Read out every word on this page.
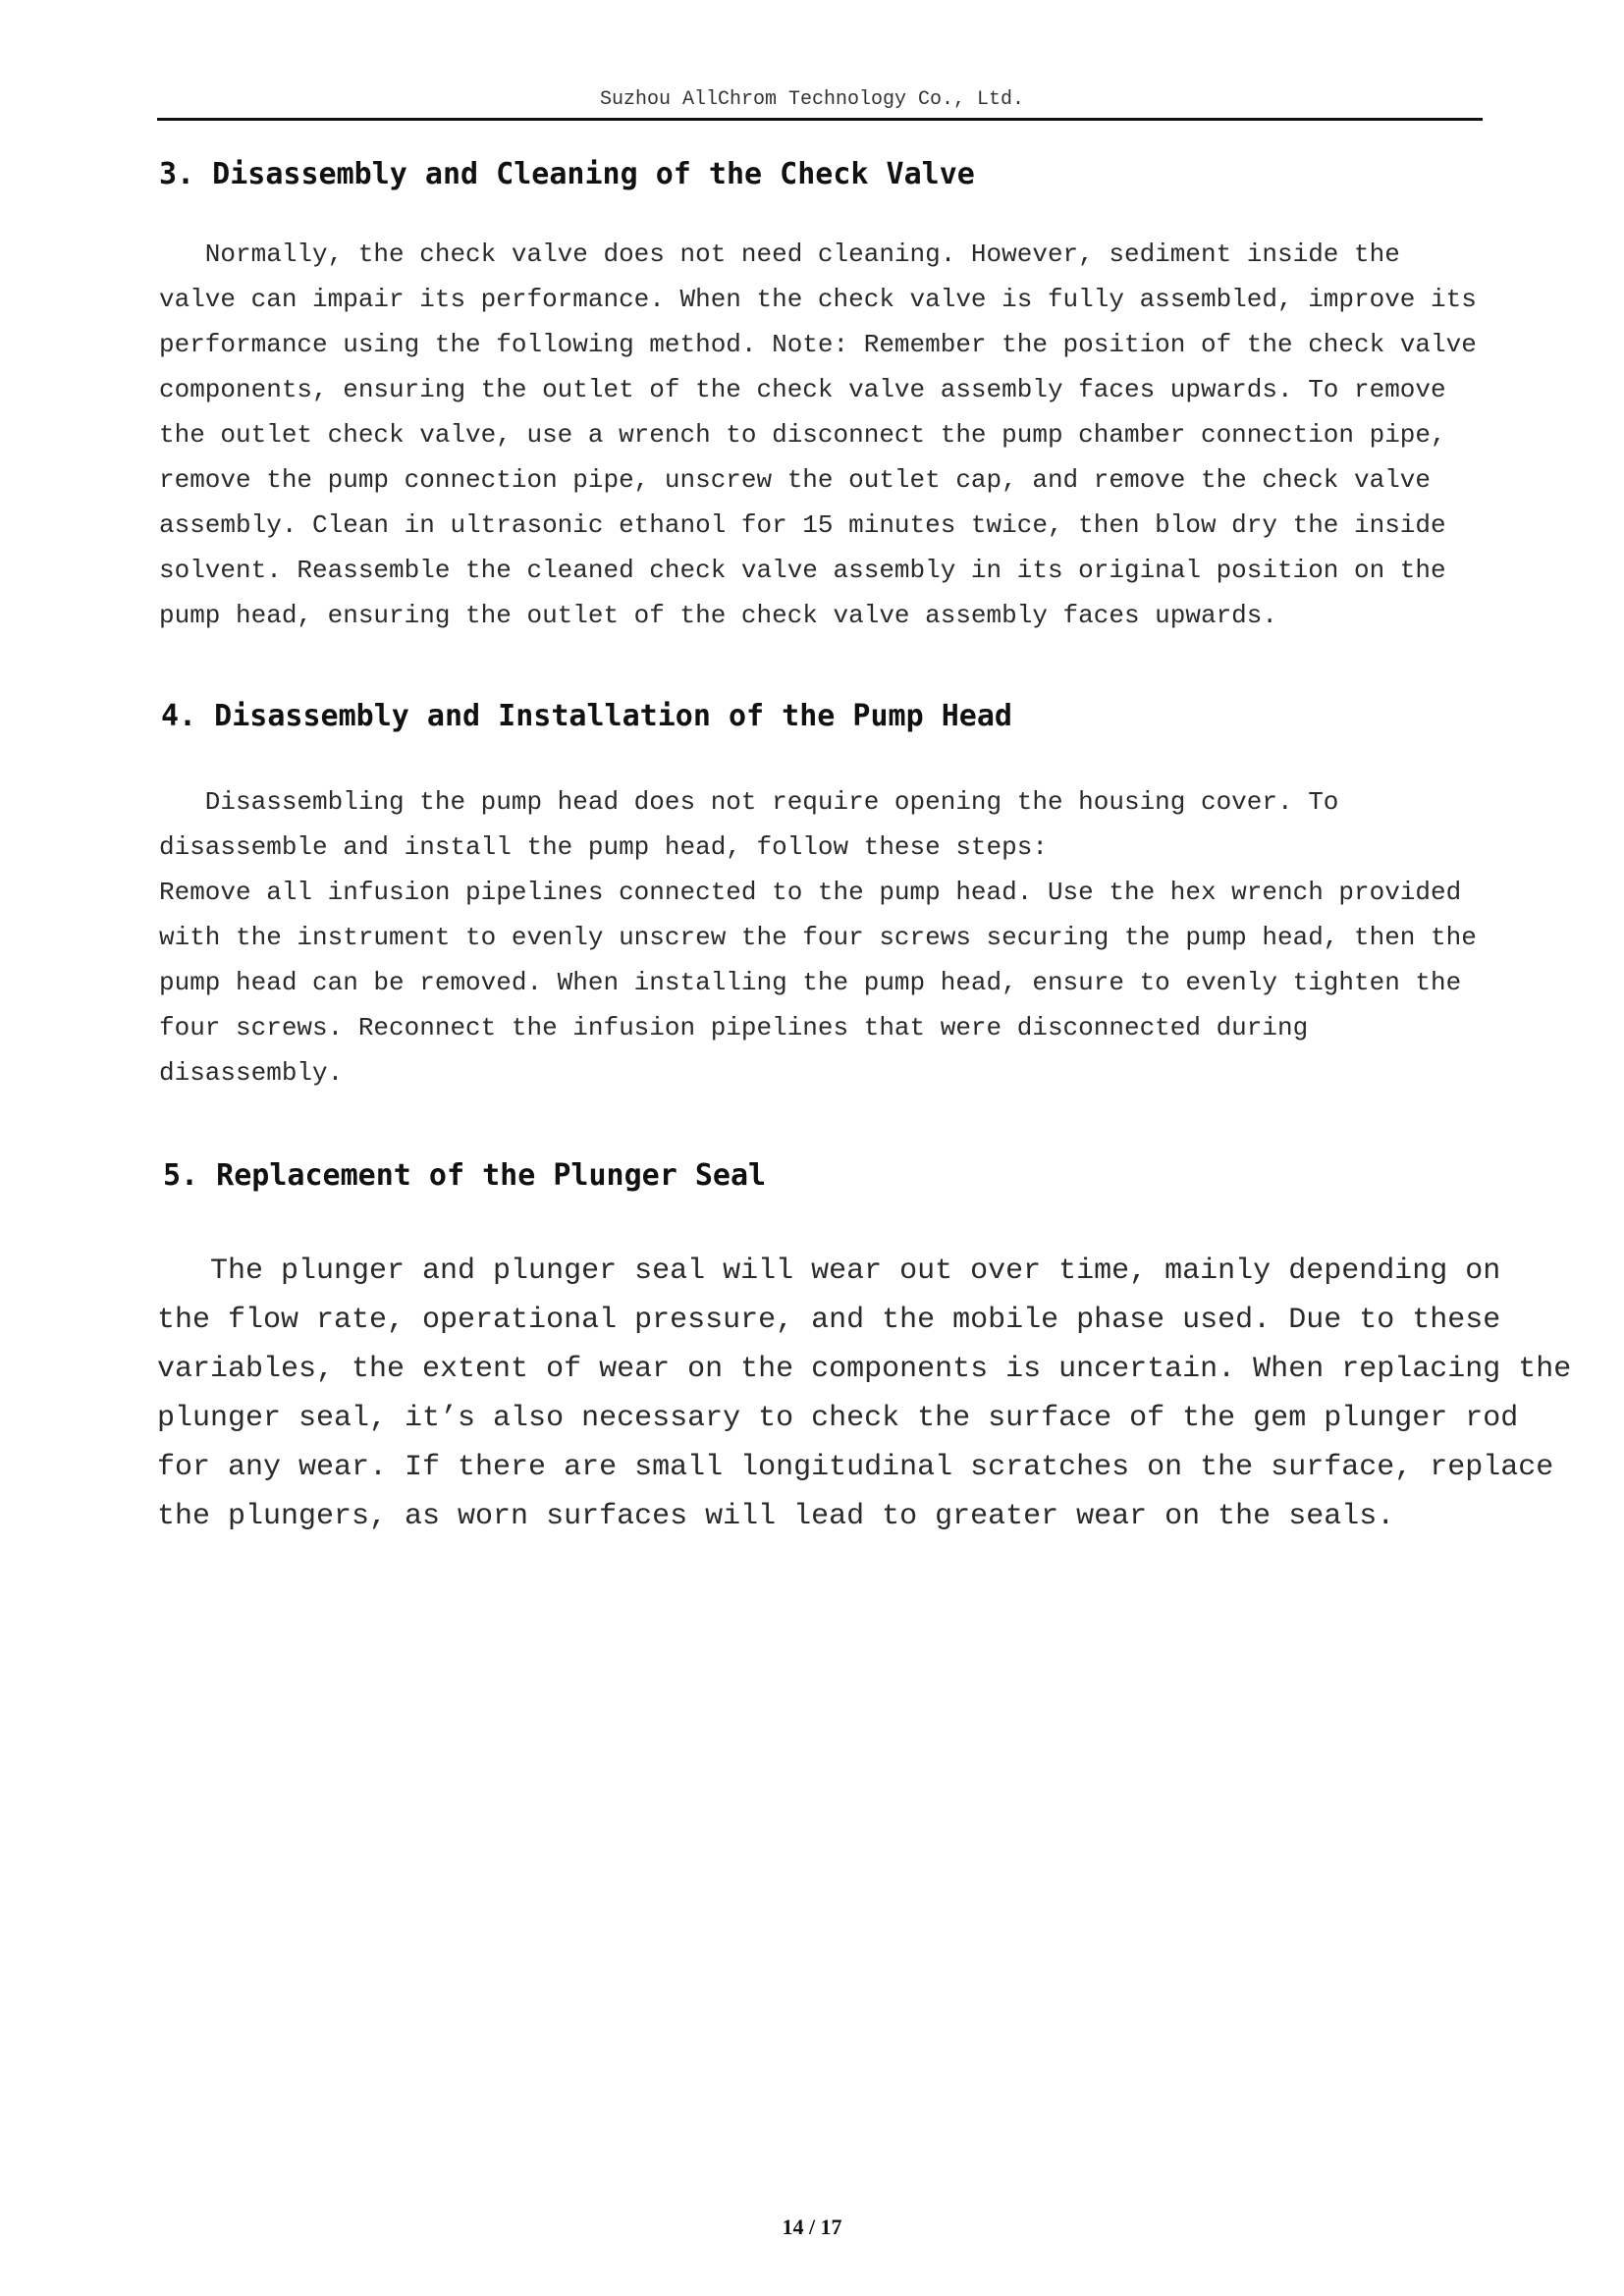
Suzhou AllChrom Technology Co., Ltd.
3. Disassembly and Cleaning of the Check Valve
Normally, the check valve does not need cleaning. However, sediment inside the
valve can impair its performance. When the check valve is fully assembled, improve its
performance using the following method. Note: Remember the position of the check valve
components, ensuring the outlet of the check valve assembly faces upwards. To remove
the outlet check valve, use a wrench to disconnect the pump chamber connection pipe,
remove the pump connection pipe, unscrew the outlet cap, and remove the check valve
assembly. Clean in ultrasonic ethanol for 15 minutes twice, then blow dry the inside
solvent. Reassemble the cleaned check valve assembly in its original position on the
pump head, ensuring the outlet of the check valve assembly faces upwards.
4. Disassembly and Installation of the Pump Head
Disassembling the pump head does not require opening the housing cover. To
disassemble and install the pump head, follow these steps:
Remove all infusion pipelines connected to the pump head. Use the hex wrench provided
with the instrument to evenly unscrew the four screws securing the pump head, then the
pump head can be removed. When installing the pump head, ensure to evenly tighten the
four screws. Reconnect the infusion pipelines that were disconnected during
disassembly.
5. Replacement of the Plunger Seal
The plunger and plunger seal will wear out over time, mainly depending on
the flow rate, operational pressure, and the mobile phase used. Due to these
variables, the extent of wear on the components is uncertain. When replacing the
plunger seal, it’s also necessary to check the surface of the gem plunger rod
for any wear. If there are small longitudinal scratches on the surface, replace
the plungers, as worn surfaces will lead to greater wear on the seals.
14 / 17
